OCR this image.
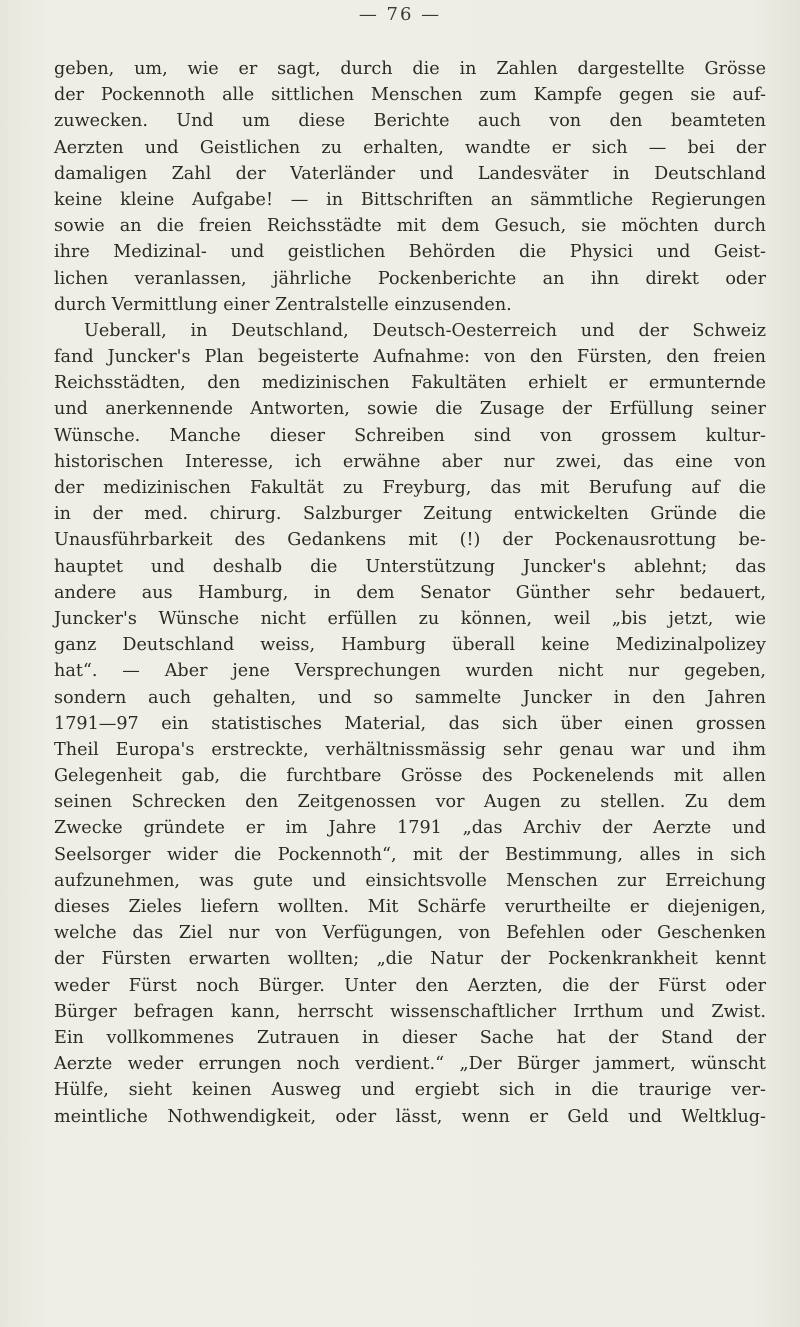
— 76 —
geben, um, wie er sagt, durch die in Zahlen dargestellte Grösse
der Pockennoth alle sittlichen Menschen zum Kampfe gegen sie auf-
zuwecken. Und um diese Berichte auch von den beamteten
Aerzten und Geistlichen zu erhalten, wandte er sich — bei der
damaligen Zahl der Vaterländer und Landesväter in Deutschland
keine kleine Aufgabe! — in Bittschriften an sämmtliche Regierungen
sowie an die freien Reichsstädte mit dem Gesuch, sie möchten durch
ihre Medizinal- und geistlichen Behörden die Physici und Geist-
lichen veranlassen, jährliche Pockenberichte an ihn direkt oder
durch Vermittlung einer Zentralstelle einzusenden.
Ueberall, in Deutschland, Deutsch-Oesterreich und der Schweiz
fand Juncker's Plan begeisterte Aufnahme: von den Fürsten, den freien
Reichsstädten, den medizinischen Fakultäten erhielt er ermunternde
und anerkennende Antworten, sowie die Zusage der Erfüllung seiner
Wünsche. Manche dieser Schreiben sind von grossem kultur-
historischen Interesse, ich erwähne aber nur zwei, das eine von
der medizinischen Fakultät zu Freyburg, das mit Berufung auf die
in der med. chirurg. Salzburger Zeitung entwickelten Gründe die
Unausführbarkeit des Gedankens mit (!) der Pockenausrottung be-
hauptet und deshalb die Unterstützung Juncker's ablehnt; das
andere aus Hamburg, in dem Senator Günther sehr bedauert,
Juncker's Wünsche nicht erfüllen zu können, weil „bis jetzt, wie
ganz Deutschland weiss, Hamburg überall keine Medizinalpolizey
hat“. — Aber jene Versprechungen wurden nicht nur gegeben,
sondern auch gehalten, und so sammelte Juncker in den Jahren
1791—97 ein statistisches Material, das sich über einen grossen
Theil Europa's erstreckte, verhältnissmässig sehr genau war und ihm
Gelegenheit gab, die furchtbare Grösse des Pockenelends mit allen
seinen Schrecken den Zeitgenossen vor Augen zu stellen. Zu dem
Zwecke gründete er im Jahre 1791 „das Archiv der Aerzte und
Seelsorger wider die Pockennoth“, mit der Bestimmung, alles in sich
aufzunehmen, was gute und einsichtsvolle Menschen zur Erreichung
dieses Zieles liefern wollten. Mit Schärfe verurtheilte er diejenigen,
welche das Ziel nur von Verfügungen, von Befehlen oder Geschenken
der Fürsten erwarten wollten; „die Natur der Pockenkrankheit kennt
weder Fürst noch Bürger. Unter den Aerzten, die der Fürst oder
Bürger befragen kann, herrscht wissenschaftlicher Irrthum und Zwist.
Ein vollkommenes Zutrauen in dieser Sache hat der Stand der
Aerzte weder errungen noch verdient.“ „Der Bürger jammert, wünscht
Hülfe, sieht keinen Ausweg und ergiebt sich in die traurige ver-
meintliche Nothwendigkeit, oder lässt, wenn er Geld und Weltklug-
